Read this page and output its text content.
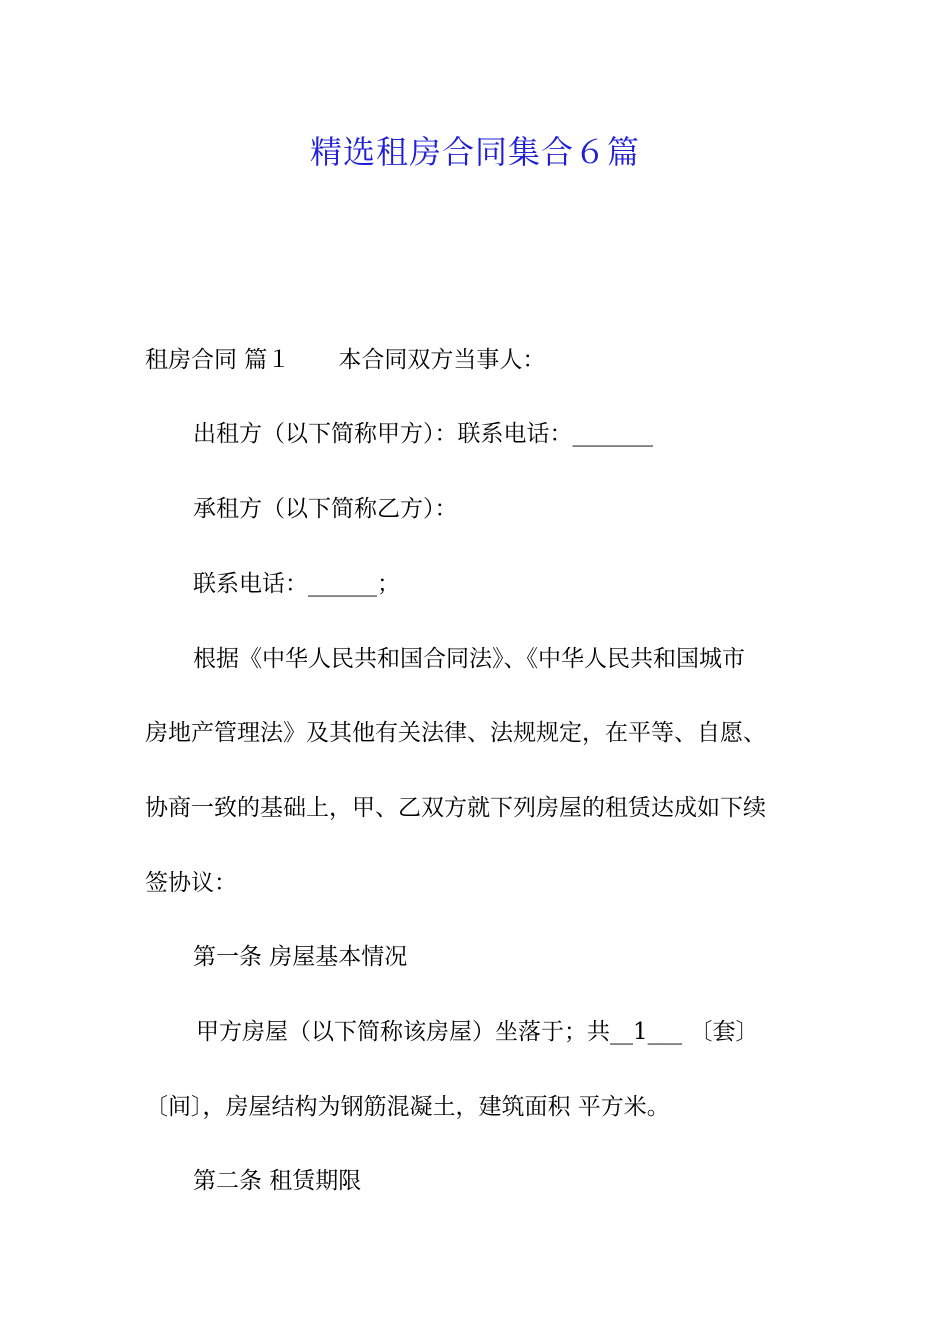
精选租房合同集合６篇
租房合同 篇１ 本合同双方当事人：
出租方（以下简称甲方）：联系电话：_______
承租方（以下简称乙方）：
联系电话：______；
根据《中华人民共和国合同法》、《中华人民共和国城市
房地产管理法》及其他有关法律、法规规定，在平等、自愿、
协商一致的基础上，甲、乙双方就下列房屋的租赁达成如下续
签协议：
第一条 房屋基本情况
甲方房屋（以下简称该房屋）坐落于；共__1___ 〔套〕
〔间〕，房屋结构为钢筋混凝土，建筑面积 平方米。
第二条 租赁期限
